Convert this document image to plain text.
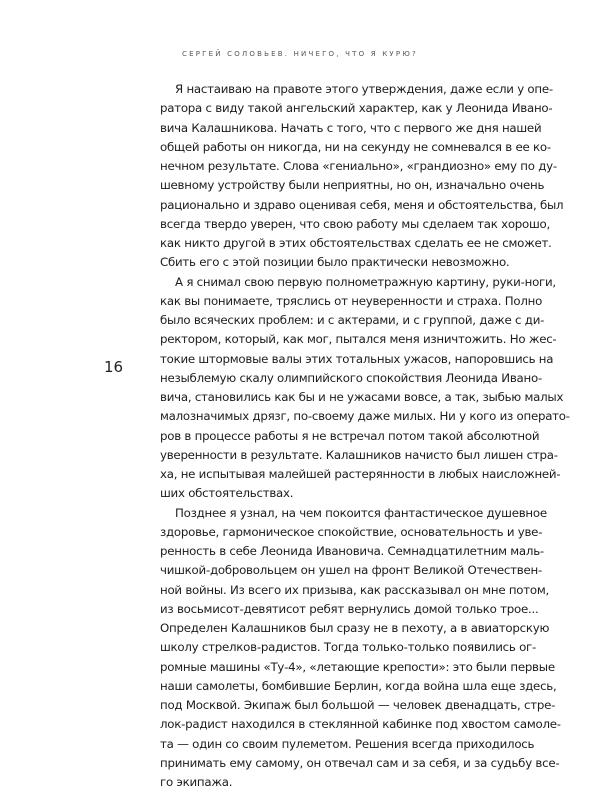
СЕРГЕЙ СОЛОВЬЕВ. НИЧЕГО, ЧТО Я КУРЮ?
16
Я настаиваю на правоте этого утверждения, даже если у опе-
ратора с виду такой ангельский характер, как у Леонида Ивано-
вича Калашникова. Начать с того, что с первого же дня нашей
общей работы он никогда, ни на секунду не сомневался в ее ко-
нечном результате. Слова «гениально», «грандиозно» ему по ду-
шевному устройству были неприятны, но он, изначально очень
рационально и здраво оценивая себя, меня и обстоятельства, был
всегда твердо уверен, что свою работу мы сделаем так хорошо,
как никто другой в этих обстоятельствах сделать ее не сможет.
Сбить его с этой позиции было практически невозможно.
А я снимал свою первую полнометражную картину, руки-ноги,
как вы понимаете, тряслись от неуверенности и страха. Полно
было всяческих проблем: и с актерами, и с группой, даже с ди-
ректором, который, как мог, пытался меня изничтожить. Но жес-
токие штормовые валы этих тотальных ужасов, напоровшись на
незыблемую скалу олимпийского спокойствия Леонида Ивано-
вича, становились как бы и не ужасами вовсе, а так, зыбью малых
малозначимых дрязг, по-своему даже милых. Ни у кого из операто-
ров в процессе работы я не встречал потом такой абсолютной
уверенности в результате. Калашников начисто был лишен стра-
ха, не испытывая малейшей растерянности в любых наисложней-
ших обстоятельствах.
Позднее я узнал, на чем покоится фантастическое душевное
здоровье, гармоническое спокойствие, основательность и уве-
ренность в себе Леонида Ивановича. Семнадцатилетним маль-
чишкой-добровольцем он ушел на фронт Великой Отечествен-
ной войны. Из всего их призыва, как рассказывал он мне потом,
из восьмисот-девятисот ребят вернулись домой только трое...
Определен Калашников был сразу не в пехоту, а в авиаторскую
школу стрелков-радистов. Тогда только-только появились ог-
ромные машины «Ту-4», «летающие крепости»: это были первые
наши самолеты, бомбившие Берлин, когда война шла еще здесь,
под Москвой. Экипаж был большой — человек двенадцать, стре-
лок-радист находился в стеклянной кабинке под хвостом самоле-
та — один со своим пулеметом. Решения всегда приходилось
принимать ему самому, он отвечал сам и за себя, и за судьбу все-
го экипажа.
